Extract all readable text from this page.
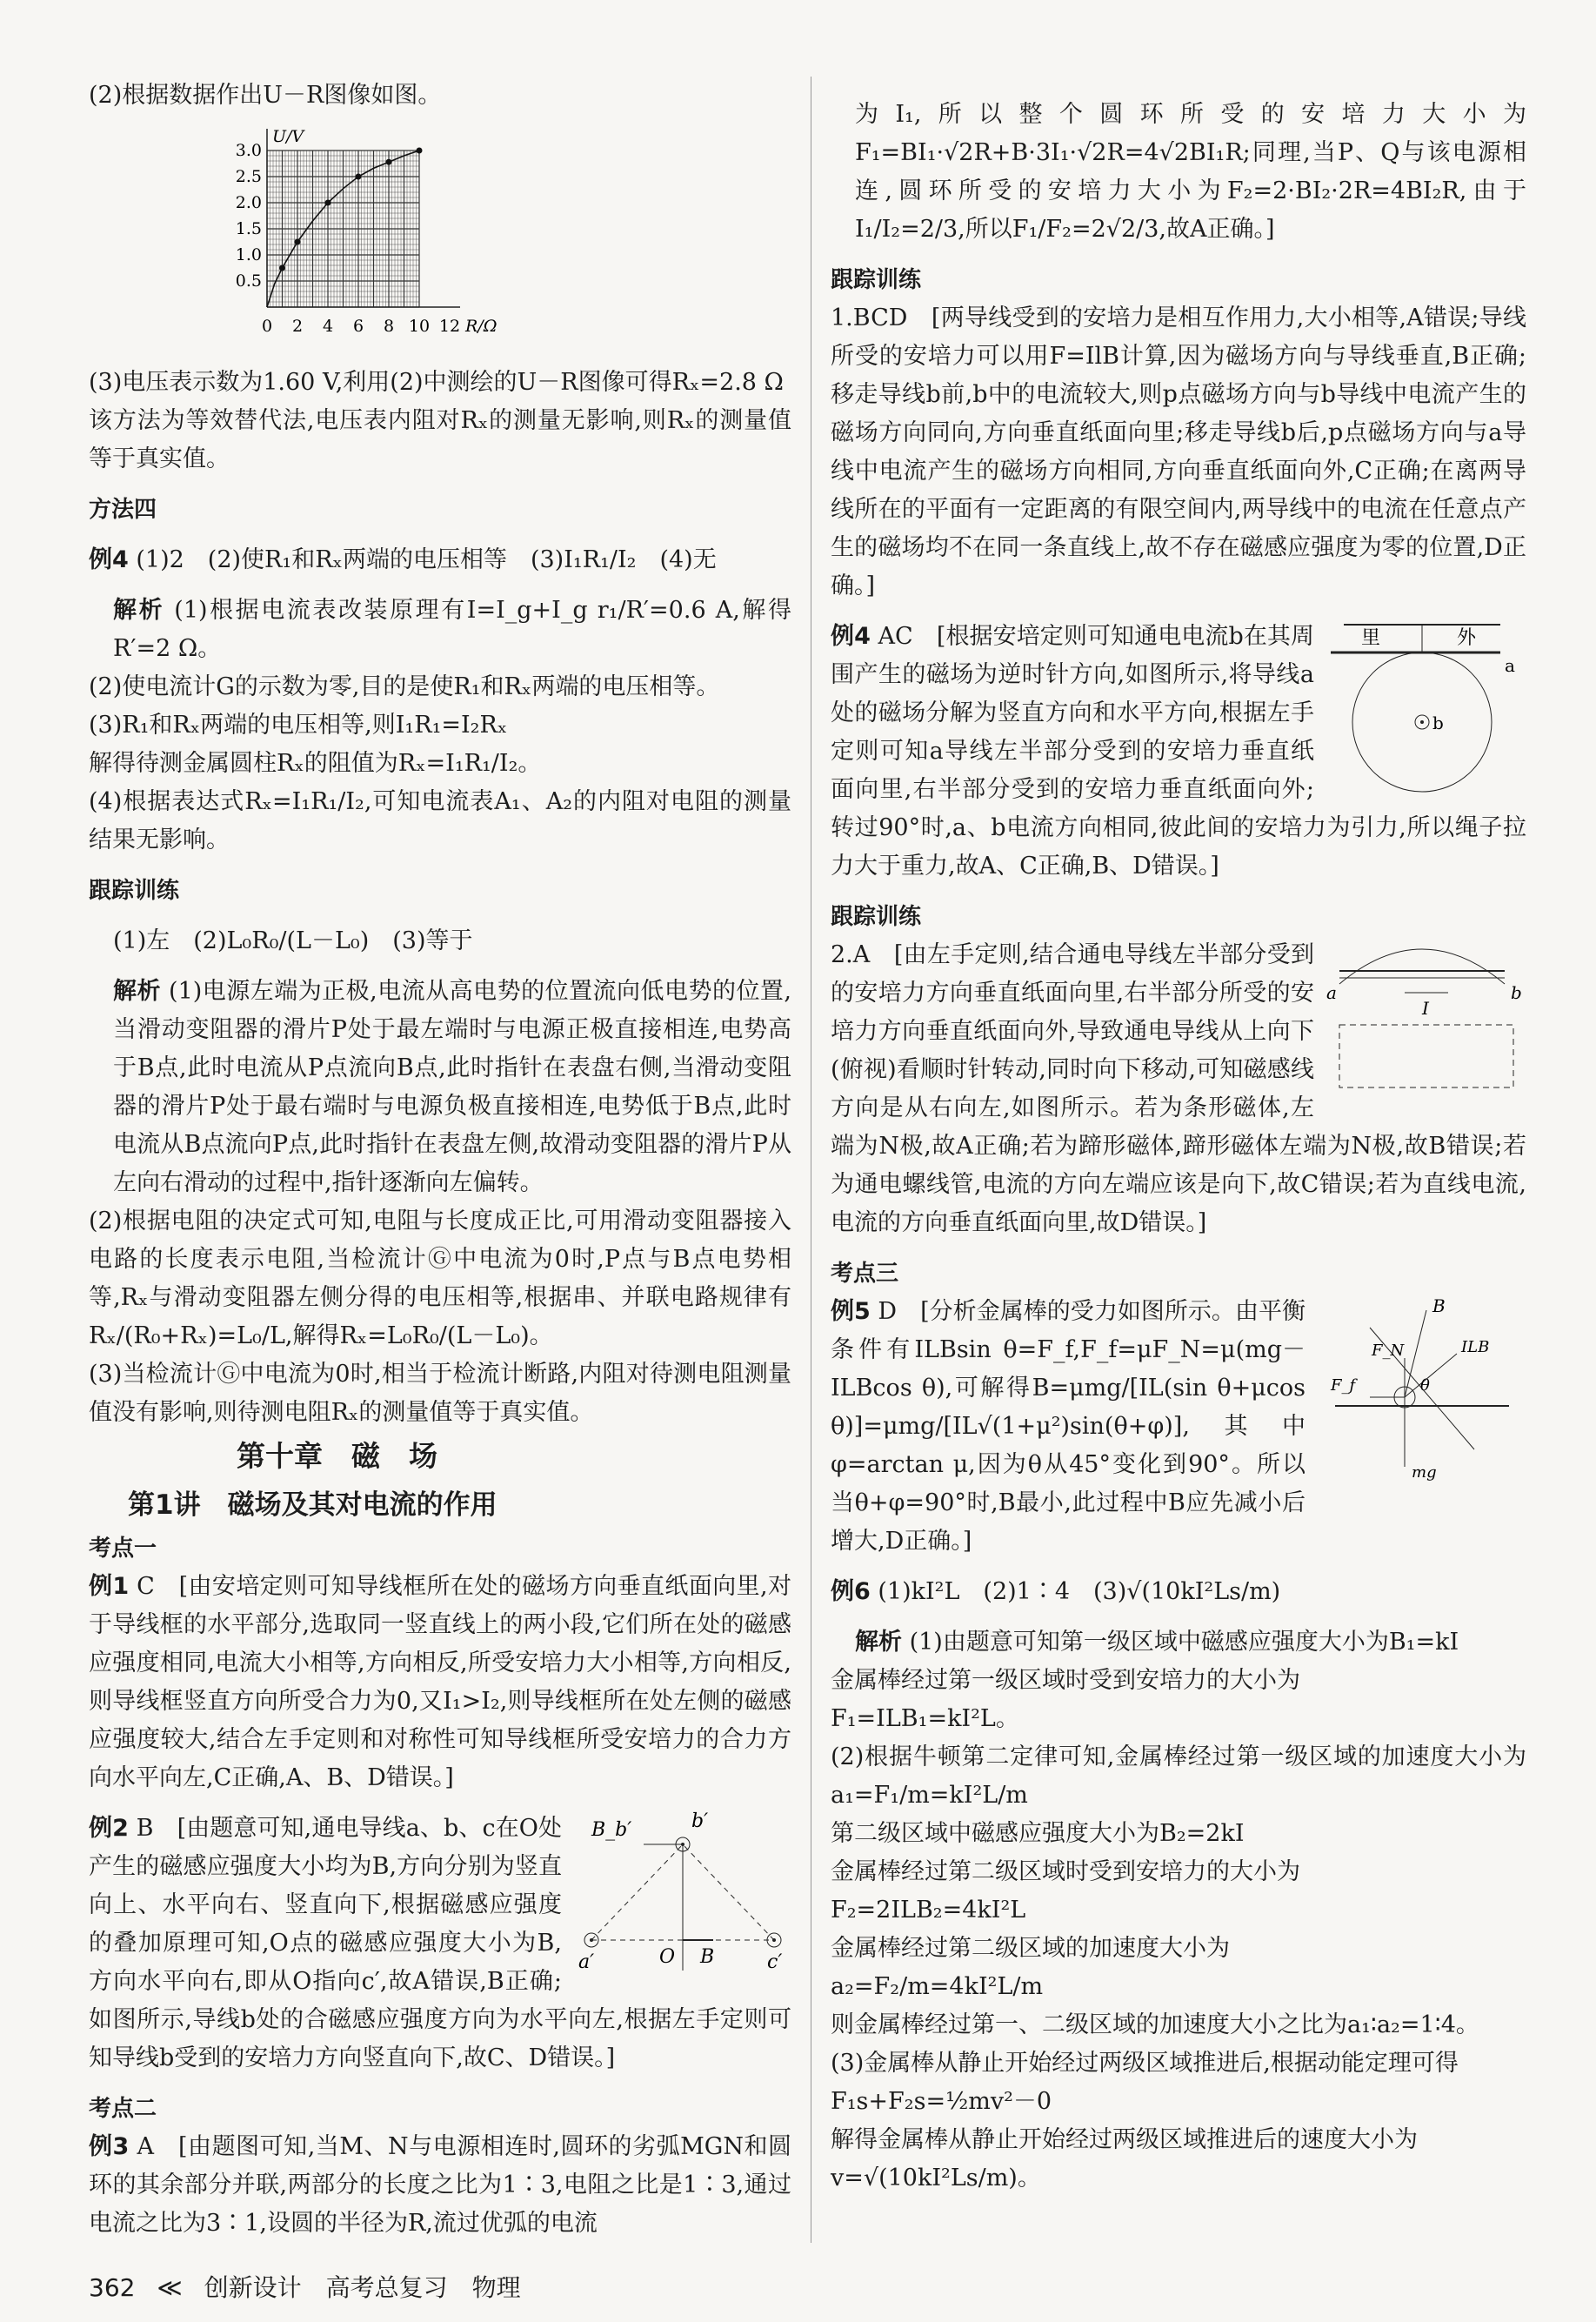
(2)根据数据作出U－R图像如图。

0 2 4 6 8 10 12
0.5
1.0
1.5
2.0
2.5
3.0
R/Ω
U/V

(3)电压表示数为1.60 V,利用(2)中测绘的U－R图像可得Rₓ=2.8 Ω

该方法为等效替代法,电压表内阻对Rₓ的测量无影响,则Rₓ的测量值等于真实值。

方法四

例4 (1)2　(2)使R₁和Rₓ两端的电压相等　(3)I₁R₁/I₂　(4)无

解析 (1)根据电流表改装原理有I=I_g+I_g r₁/R′=0.6 A,解得R′=2 Ω。

(2)使电流计G的示数为零,目的是使R₁和Rₓ两端的电压相等。

(3)R₁和Rₓ两端的电压相等,则I₁R₁=I₂Rₓ

解得待测金属圆柱Rₓ的阻值为Rₓ=I₁R₁/I₂。

(4)根据表达式Rₓ=I₁R₁/I₂,可知电流表A₁、A₂的内阻对电阻的测量结果无影响。

跟踪训练

(1)左　(2)L₀R₀/(L－L₀)　(3)等于

解析 (1)电源左端为正极,电流从高电势的位置流向低电势的位置,当滑动变阻器的滑片P处于最左端时与电源正极直接相连,电势高于B点,此时电流从P点流向B点,此时指针在表盘右侧,当滑动变阻器的滑片P处于最右端时与电源负极直接相连,电势低于B点,此时电流从B点流向P点,此时指针在表盘左侧,故滑动变阻器的滑片P从左向右滑动的过程中,指针逐渐向左偏转。

(2)根据电阻的决定式可知,电阻与长度成正比,可用滑动变阻器接入电路的长度表示电阻,当检流计Ⓖ中电流为0时,P点与B点电势相等,Rₓ与滑动变阻器左侧分得的电压相等,根据串、并联电路规律有Rₓ/(R₀+Rₓ)=L₀/L,解得Rₓ=L₀R₀/(L－L₀)。

(3)当检流计Ⓖ中电流为0时,相当于检流计断路,内阻对待测电阻测量值没有影响,则待测电阻Rₓ的测量值等于真实值。

第十章　磁　场

第1讲　磁场及其对电流的作用

考点一

例1 C　[由安培定则可知导线框所在处的磁场方向垂直纸面向里,对于导线框的水平部分,选取同一竖直线上的两小段,它们所在处的磁感应强度相同,电流大小相等,方向相反,所受安培力大小相等,方向相反,则导线框竖直方向所受合力为0,又I₁>I₂,则导线框所在处左侧的磁感应强度较大,结合左手定则和对称性可知导线框所受安培力的合力方向水平向左,C正确,A、B、D错误。]

b′
B_b′
a′	O B	c′
例2 B　[由题意可知,通电导线a、b、c在O处产生的磁感应强度大小均为B,方向分别为竖直向上、水平向右、竖直向下,根据磁感应强度的叠加原理可知,O点的磁感应强度大小为B,方向水平向右,即从O指向c′,故A错误,B正确;如图所示,导线b处的合磁感应强度方向为水平向左,根据左手定则可知导线b受到的安培力方向竖直向下,故C、D错误。]

考点二

例3 A　[由题图可知,当M、N与电源相连时,圆环的劣弧MGN和圆环的其余部分并联,两部分的长度之比为1∶3,电阻之比是1∶3,通过电流之比为3∶1,设圆的半径为R,流过优弧的电流

为I₁,所以整个圆环所受的安培力大小为F₁=BI₁·√2R+B·3I₁·√2R=4√2BI₁R;同理,当P、Q与该电源相连,圆环所受的安培力大小为F₂=2·BI₂·2R=4BI₂R,由于I₁/I₂=2/3,所以F₁/F₂=2√2/3,故A正确。]

跟踪训练

1.BCD　[两导线受到的安培力是相互作用力,大小相等,A错误;导线所受的安培力可以用F=IlB计算,因为磁场方向与导线垂直,B正确;移走导线b前,b中的电流较大,则p点磁场方向与b导线中电流产生的磁场方向同向,方向垂直纸面向里;移走导线b后,p点磁场方向与a导线中电流产生的磁场方向相同,方向垂直纸面向外,C正确;在离两导线所在的平面有一定距离的有限空间内,两导线中的电流在任意点产生的磁场均不在同一条直线上,故不存在磁感应强度为零的位置,D正确。]

里	外
a
b
例4 AC　[根据安培定则可知通电电流b在其周围产生的磁场为逆时针方向,如图所示,将导线a处的磁场分解为竖直方向和水平方向,根据左手定则可知a导线左半部分受到的安培力垂直纸面向里,右半部分受到的安培力垂直纸面向外;转过90°时,a、b电流方向相同,彼此间的安培力为引力,所以绳子拉力大于重力,故A、C正确,B、D错误。]

跟踪训练

a	b
I
2.A　[由左手定则,结合通电导线左半部分受到的安培力方向垂直纸面向里,右半部分所受的安培力方向垂直纸面向外,导致通电导线从上向下(俯视)看顺时针转动,同时向下移动,可知磁感线方向是从右向左,如图所示。若为条形磁体,左端为N极,故A正确;若为蹄形磁体,蹄形磁体左端为N极,故B错误;若为通电螺线管,电流的方向左端应该是向下,故C错误;若为直线电流,电流的方向垂直纸面向里,故D错误。]

考点三

B
F_N	ILB
F_f	θ
mg
例5 D　[分析金属棒的受力如图所示。由平衡条件有ILBsin θ=F_f,F_f=μF_N=μ(mg－ILBcos θ),可解得B=μmg/[IL(sin θ+μcos θ)]=μmg/[IL√(1+μ²)sin(θ+φ)],其中φ=arctan μ,因为θ从45°变化到90°。所以当θ+φ=90°时,B最小,此过程中B应先减小后增大,D正确。]

例6 (1)kI²L　(2)1∶4　(3)√(10kI²Ls/m)

解析 (1)由题意可知第一级区域中磁感应强度大小为B₁=kI

金属棒经过第一级区域时受到安培力的大小为

F₁=ILB₁=kI²L。

(2)根据牛顿第二定律可知,金属棒经过第一级区域的加速度大小为a₁=F₁/m=kI²L/m

第二级区域中磁感应强度大小为B₂=2kI

金属棒经过第二级区域时受到安培力的大小为

F₂=2ILB₂=4kI²L

金属棒经过第二级区域的加速度大小为

a₂=F₂/m=4kI²L/m

则金属棒经过第一、二级区域的加速度大小之比为a₁∶a₂=1∶4。

(3)金属棒从静止开始经过两级区域推进后,根据动能定理可得

F₁s+F₂s=½mv²－0

解得金属棒从静止开始经过两级区域推进后的速度大小为

v=√(10kI²Ls/m)。

362 ≪ 创新设计　高考总复习　物理
